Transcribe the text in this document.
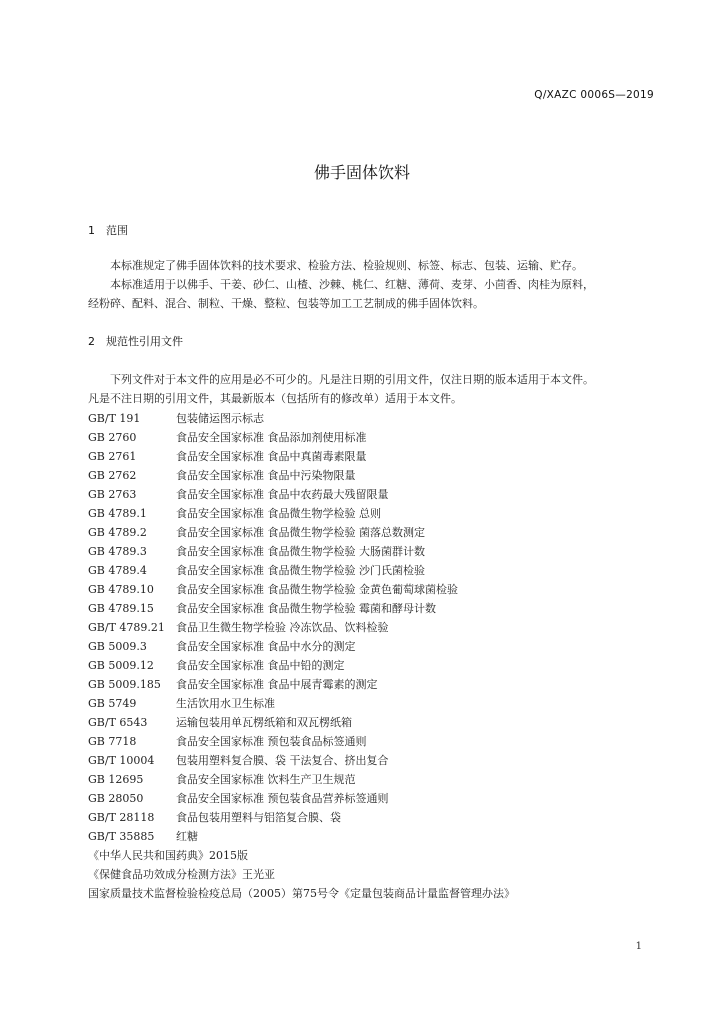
Q/XAZC 0006S—2019
佛手固体饮料
1 范围
本标准规定了佛手固体饮料的技术要求、检验方法、检验规则、标签、标志、包装、运输、贮存。
本标准适用于以佛手、干姜、砂仁、山楂、沙棘、桃仁、红糖、薄荷、麦芽、小茴香、肉桂为原料，
经粉碎、配料、混合、制粒、干燥、整粒、包装等加工工艺制成的佛手固体饮料。
2 规范性引用文件
下列文件对于本文件的应用是必不可少的。凡是注日期的引用文件，仅注日期的版本适用于本文件。
凡是不注日期的引用文件，其最新版本（包括所有的修改单）适用于本文件。
GB/T 191	包装储运图示标志
GB 2760	食品安全国家标准 食品添加剂使用标准
GB 2761	食品安全国家标准 食品中真菌毒素限量
GB 2762	食品安全国家标准 食品中污染物限量
GB 2763	食品安全国家标准 食品中农药最大残留限量
GB 4789.1	食品安全国家标准 食品微生物学检验 总则
GB 4789.2	食品安全国家标准 食品微生物学检验 菌落总数测定
GB 4789.3	食品安全国家标准 食品微生物学检验 大肠菌群计数
GB 4789.4	食品安全国家标准 食品微生物学检验 沙门氏菌检验
GB 4789.10	食品安全国家标准 食品微生物学检验 金黄色葡萄球菌检验
GB 4789.15	食品安全国家标准 食品微生物学检验 霉菌和酵母计数
GB/T 4789.21	食品卫生微生物学检验 冷冻饮品、饮料检验
GB 5009.3	食品安全国家标准 食品中水分的测定
GB 5009.12	食品安全国家标准 食品中铅的测定
GB 5009.185	食品安全国家标准 食品中展青霉素的测定
GB 5749	生活饮用水卫生标准
GB/T 6543	运输包装用单瓦楞纸箱和双瓦楞纸箱
GB 7718	食品安全国家标准 预包装食品标签通则
GB/T 10004	包装用塑料复合膜、袋 干法复合、挤出复合
GB 12695	食品安全国家标准 饮料生产卫生规范
GB 28050	食品安全国家标准 预包装食品营养标签通则
GB/T 28118	食品包装用塑料与铝箔复合膜、袋
GB/T 35885	红糖
《中华人民共和国药典》2015版
《保健食品功效成分检测方法》王光亚
国家质量技术监督检验检疫总局（2005）第75号令《定量包装商品计量监督管理办法》
1
